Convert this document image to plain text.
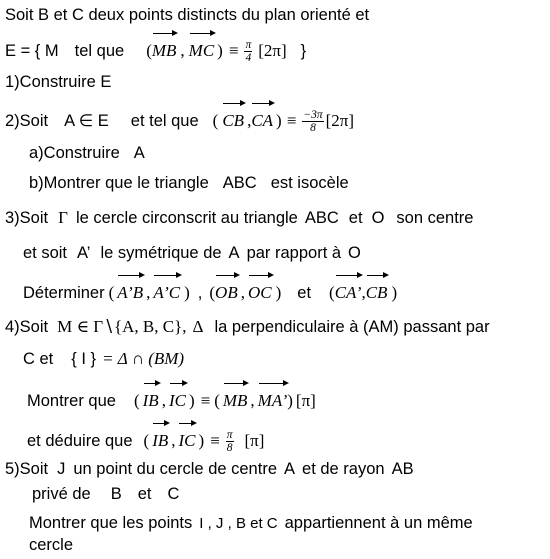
Soit B et C deux points distincts du plan orienté et
E = { M tel que (MB , MC ) ≡ $\frac{\pi}{4} [2\pi]$ }
1)Construire E
2)Soit A ∈ E et tel que ( CB ,CA ) ≡ $\frac{-3\pi}{8} [2\pi]$
a)Construire A
b)Montrer que le triangle ABC est isocèle
3)Soit Γ le cercle circonscrit au triangle ABC et O son centre
et soit A’ le symétrique de A par rapport à O
Déterminer ( A’B , A’C ) , (OB , OC ) et (CA’
,CB )
4)Soit M ∈ Γ∖{A, B, C}, Δ la perpendiculaire à (AM) passant par
C et { I } = Δ ∩ (BM)
Montrer que ( IB , IC ) ≡ ( MB , MA’
) [π]
et déduire que ( IB , IC ) ≡ $\frac{\pi}{8} [\pi]$
5)Soit J un point du cercle de centre A et de rayon AB
privé de B et C
Montrer que les points I , J , B et C appartiennent à un même
cercle
